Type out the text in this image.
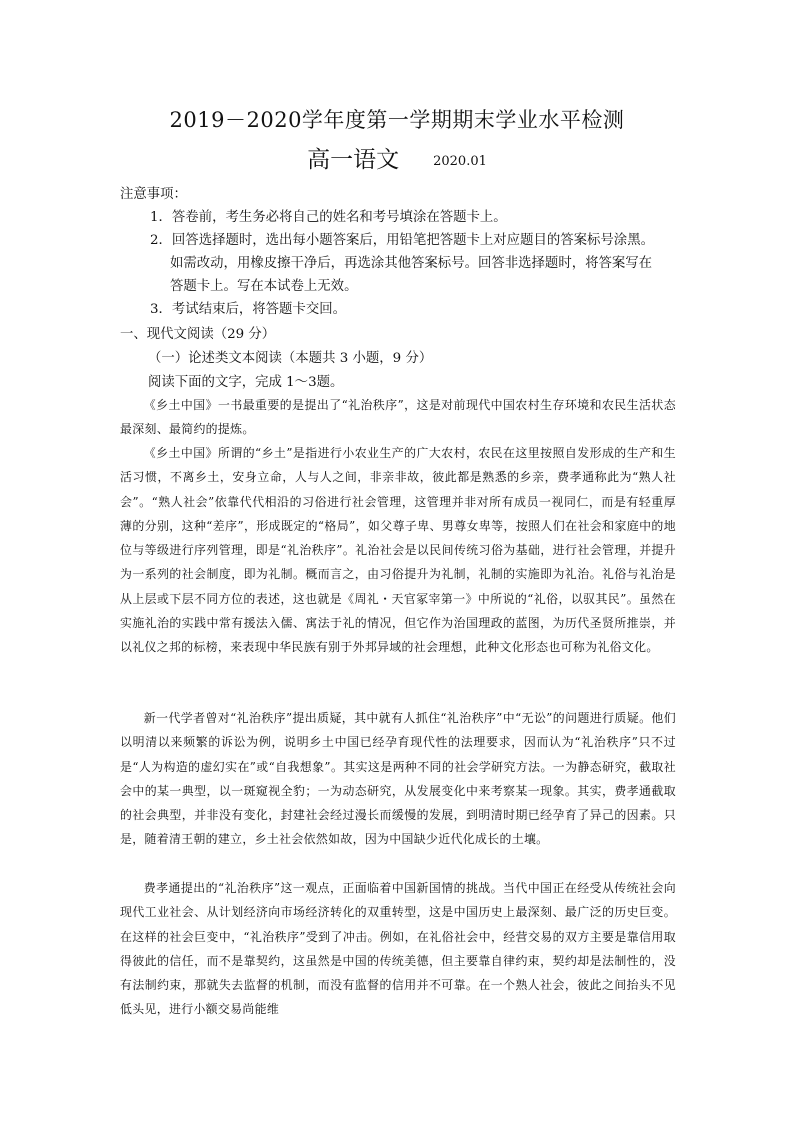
2019－2020学年度第一学期期末学业水平检测
高一语文	2020.01
注意事项：
1．答卷前，考生务必将自己的姓名和考号填涂在答题卡上。
2．回答选择题时，选出每小题答案后，用铅笔把答题卡上对应题目的答案标号涂黑。
如需改动，用橡皮擦干净后，再选涂其他答案标号。回答非选择题时，将答案写在
答题卡上。写在本试卷上无效。
3．考试结束后，将答题卡交回。
一、现代文阅读（29 分）
（一）论述类文本阅读（本题共 3 小题，9 分）
阅读下面的文字，完成 1～3题。
《乡土中国》一书最重要的是提出了“礼治秩序”，这是对前现代中国农村生存环境和农民生活状态最深刻、最简约的提炼。
《乡土中国》所谓的“乡土”是指进行小农业生产的广大农村，农民在这里按照自发形成的生产和生活习惯，不离乡土，安身立命，人与人之间，非亲非故，彼此都是熟悉的乡亲，费孝通称此为“熟人社会”。“熟人社会”依靠代代相沿的习俗进行社会管理，这管理并非对所有成员一视同仁，而是有轻重厚薄的分别，这种“差序”，形成既定的“格局”，如父尊子卑、男尊女卑等，按照人们在社会和家庭中的地位与等级进行序列管理，即是“礼治秩序”。礼治社会是以民间传统习俗为基础，进行社会管理，并提升为一系列的社会制度，即为礼制。概而言之，由习俗提升为礼制，礼制的实施即为礼治。礼俗与礼治是从上层或下层不同方位的表述，这也就是《周礼・天官冢宰第一》中所说的“礼俗，以驭其民”。虽然在实施礼治的实践中常有援法入儒、寓法于礼的情况，但它作为治国理政的蓝图，为历代圣贤所推崇，并以礼仪之邦的标榜，来表现中华民族有别于外邦异域的社会理想，此种文化形态也可称为礼俗文化。
新一代学者曾对“礼治秩序”提出质疑，其中就有人抓住“礼治秩序”中“无讼”的问题进行质疑。他们以明清以来频繁的诉讼为例，说明乡土中国已经孕育现代性的法理要求，因而认为“礼治秩序”只不过是“人为构造的虚幻实在”或“自我想象”。其实这是两种不同的社会学研究方法。一为静态研究，截取社会中的某一典型，以一斑窥视全豹；一为动态研究，从发展变化中来考察某一现象。其实，费孝通截取的社会典型，并非没有变化，封建社会经过漫长而缓慢的发展，到明清时期已经孕育了异己的因素。只是，随着清王朝的建立，乡土社会依然如故，因为中国缺少近代化成长的土壤。
费孝通提出的“礼治秩序”这一观点，正面临着中国新国情的挑战。当代中国正在经受从传统社会向现代工业社会、从计划经济向市场经济转化的双重转型，这是中国历史上最深刻、最广泛的历史巨变。在这样的社会巨变中，“礼治秩序”受到了冲击。例如，在礼俗社会中，经营交易的双方主要是靠信用取得彼此的信任，而不是靠契约，这虽然是中国的传统美德，但主要靠自律约束，契约却是法制性的，没有法制约束，那就失去监督的机制，而没有监督的信用并不可靠。在一个熟人社会，彼此之间抬头不见低头见，进行小额交易尚能维
